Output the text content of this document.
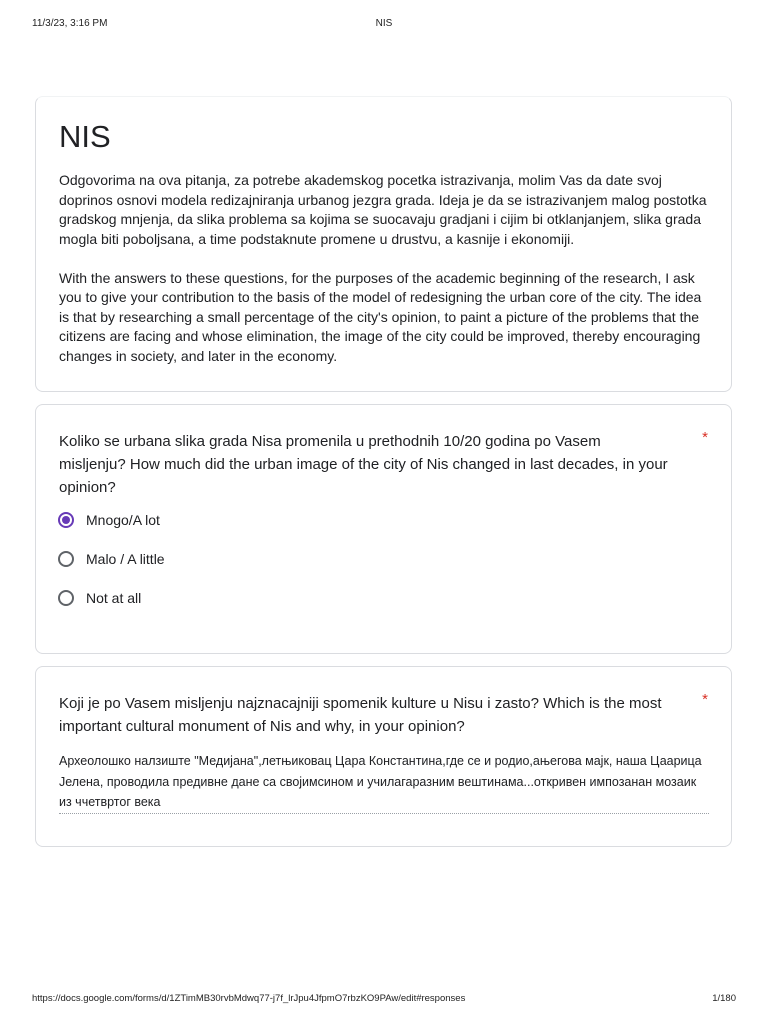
11/3/23, 3:16 PM	NIS
NIS

Odgovorima na ova pitanja, za potrebe akademskog pocetka istrazivanja, molim Vas da date svoj doprinos osnovi modela redizajniranja urbanog jezgra grada. Ideja je da se istrazivanjem malog postotka gradskog mnjenja, da slika problema sa kojima se suocavaju gradjani i cijim bi otklanjanjem, slika grada mogla biti poboljsana, a time podstaknute promene u drustvu, a kasnije i ekonomiji.

With the answers to these questions, for the purposes of the academic beginning of the research, I ask you to give your contribution to the basis of the model of redesigning the urban core of the city. The idea is that by researching a small percentage of the city's opinion, to paint a picture of the problems that the citizens are facing and whose elimination, the image of the city could be improved, thereby encouraging changes in society, and later in the economy.

Koliko se urbana slika grada Nisa promenila u prethodnih 10/20 godina po Vasem misljenju? How much did the urban image of the city of Nis changed in last decades, in your opinion?
*
Mnogo/A lot
Malo / A little
Not at all
Koji je po Vasem misljenju najznacajniji spomenik kulture u Nisu i zasto? Which is the most important cultural monument of Nis and why, in your opinion?
*
Археолошко налзиште "Медијана",летњиковац Цара Константина,где се и родио,ањегова мајк, наша Цаарица Јелена, проводила предивне дане са својимсином и училагаразним вештинама...откривен импозанан мозаик из ччетвртог века
https://docs.google.com/forms/d/1ZTimMB30rvbMdwq77-j7f_lrJpu4JfpmO7rbzKO9PAw/edit#responses	1/180
